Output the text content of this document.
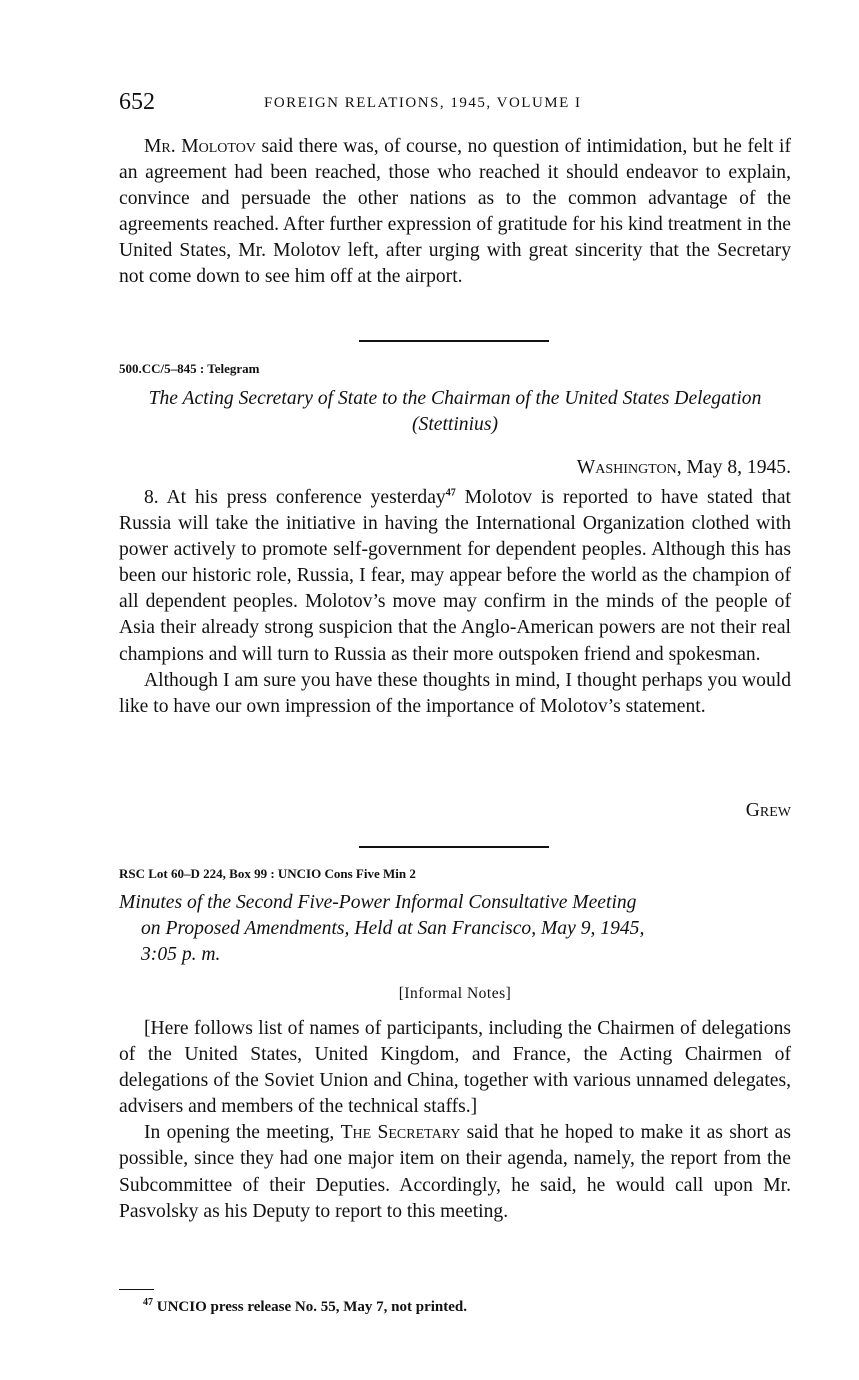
652	FOREIGN RELATIONS, 1945, VOLUME I

Mr. Molotov said there was, of course, no question of intimidation, but he felt if an agreement had been reached, those who reached it should endeavor to explain, convince and persuade the other nations as to the common advantage of the agreements reached. After further expression of gratitude for his kind treatment in the United States, Mr. Molotov left, after urging with great sincerity that the Secretary not come down to see him off at the airport.

500.CC/5–845 : Telegram
The Acting Secretary of State to the Chairman of the United States Delegation (Stettinius)
Washington, May 8, 1945.

8. At his press conference yesterday$^{47}$ Molotov is reported to have stated that Russia will take the initiative in having the International Organization clothed with power actively to promote self-government for dependent peoples. Although this has been our historic role, Russia, I fear, may appear before the world as the champion of all dependent peoples. Molotov’s move may confirm in the minds of the people of Asia their already strong suspicion that the Anglo-American powers are not their real champions and will turn to Russia as their more outspoken friend and spokesman.

Although I am sure you have these thoughts in mind, I thought perhaps you would like to have our own impression of the importance of Molotov’s statement.

Grew
RSC Lot 60–D 224, Box 99 : UNCIO Cons Five Min 2
Minutes of the Second Five-Power Informal Consultative Meeting
on Proposed Amendments, Held at San Francisco, May 9, 1945,
3:05 p. m.
[Informal Notes]

[Here follows list of names of participants, including the Chairmen of delegations of the United States, United Kingdom, and France, the Acting Chairmen of delegations of the Soviet Union and China, together with various unnamed delegates, advisers and members of the technical staffs.]

In opening the meeting, The Secretary said that he hoped to make it as short as possible, since they had one major item on their agenda, namely, the report from the Subcommittee of their Deputies. Accordingly, he said, he would call upon Mr. Pasvolsky as his Deputy to report to this meeting.

$^{47}$ UNCIO press release No. 55, May 7, not printed.
